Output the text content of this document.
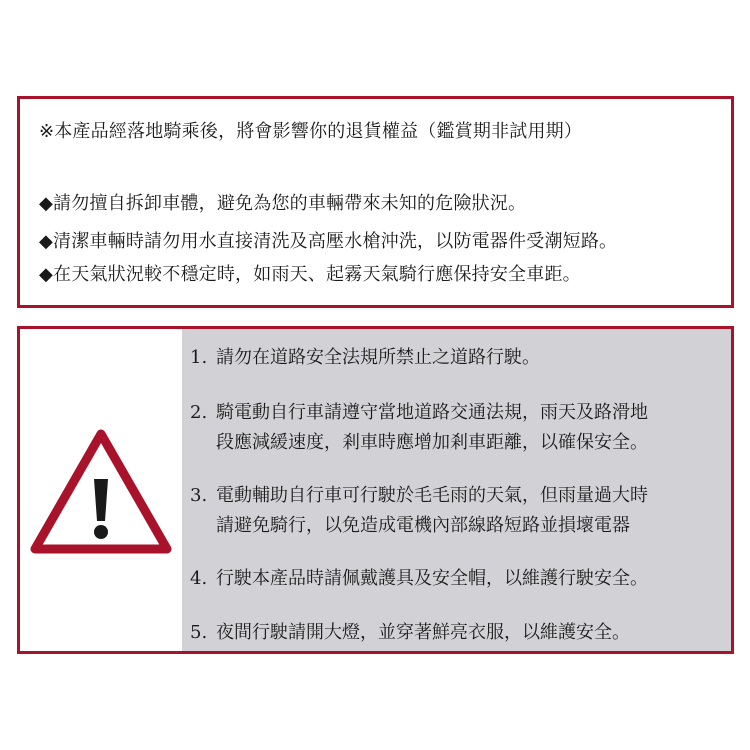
※本產品經落地騎乘後，將會影響你的退貨權益（鑑賞期非試用期）
◆請勿擅自拆卸車體，避免為您的車輛帶來未知的危險狀況。
◆清潔車輛時請勿用水直接清洗及高壓水槍沖洗，以防電器件受潮短路。
◆在天氣狀況較不穩定時，如雨天、起霧天氣騎行應保持安全車距。
1. 請勿在道路安全法規所禁止之道路行駛。
2. 騎電動自行車請遵守當地道路交通法規，雨天及路滑地
段應減緩速度，剎車時應增加剎車距離，以確保安全。
3. 電動輔助自行車可行駛於毛毛雨的天氣，但雨量過大時
請避免騎行，以免造成電機內部線路短路並損壞電器
4. 行駛本產品時請佩戴護具及安全帽，以維護行駛安全。
5. 夜間行駛請開大燈，並穿著鮮亮衣服，以維護安全。
